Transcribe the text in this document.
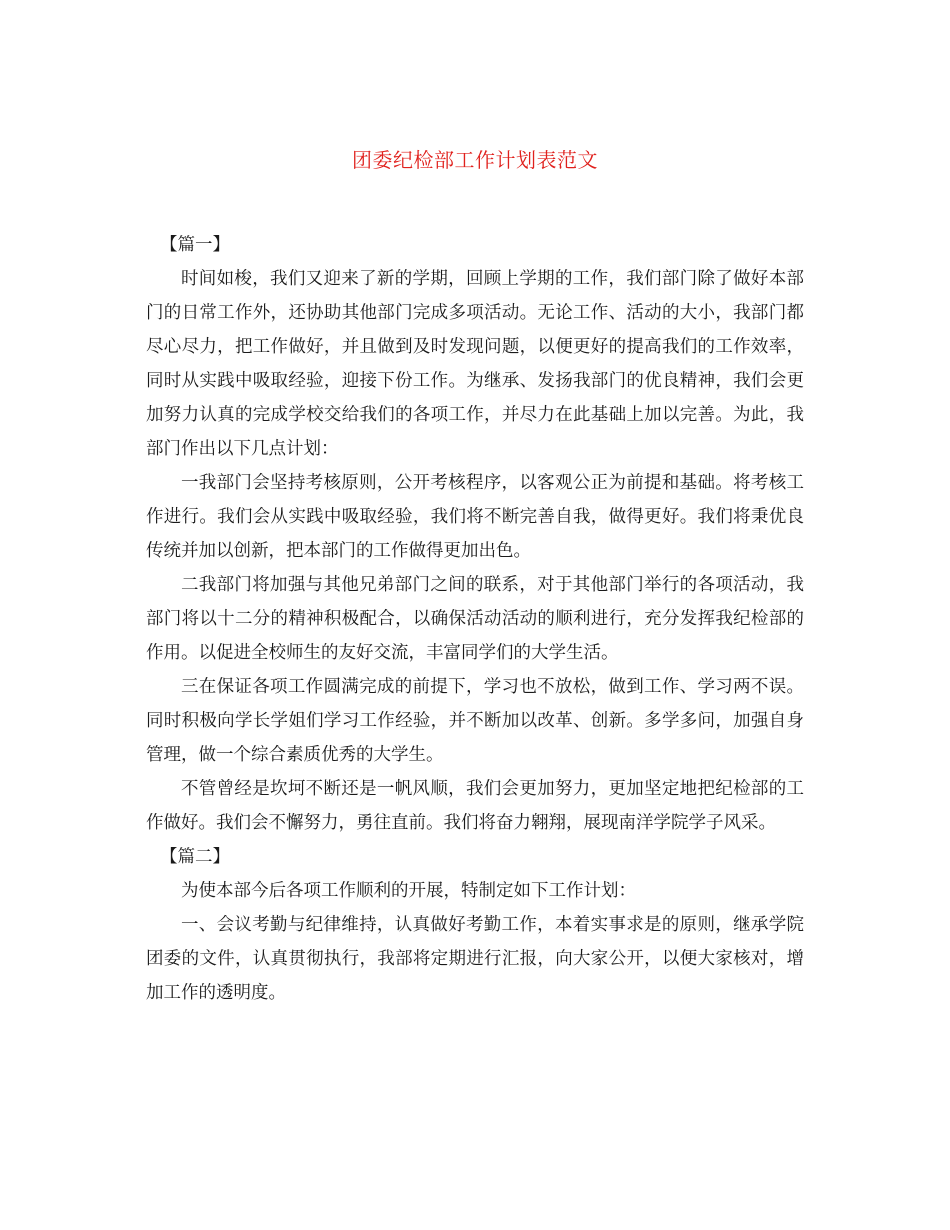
团委纪检部工作计划表范文

【篇一】

时间如梭，我们又迎来了新的学期，回顾上学期的工作，我们部门除了做好本部门的日常工作外，还协助其他部门完成多项活动。无论工作、活动的大小，我部门都尽心尽力，把工作做好，并且做到及时发现问题，以便更好的提高我们的工作效率，同时从实践中吸取经验，迎接下份工作。为继承、发扬我部门的优良精神，我们会更加努力认真的完成学校交给我们的各项工作，并尽力在此基础上加以完善。为此，我部门作出以下几点计划：

一我部门会坚持考核原则，公开考核程序，以客观公正为前提和基础。将考核工作进行。我们会从实践中吸取经验，我们将不断完善自我，做得更好。我们将秉优良传统并加以创新，把本部门的工作做得更加出色。

二我部门将加强与其他兄弟部门之间的联系，对于其他部门举行的各项活动，我部门将以十二分的精神积极配合，以确保活动活动的顺利进行，充分发挥我纪检部的作用。以促进全校师生的友好交流，丰富同学们的大学生活。

三在保证各项工作圆满完成的前提下，学习也不放松，做到工作、学习两不误。同时积极向学长学姐们学习工作经验，并不断加以改革、创新。多学多问，加强自身管理，做一个综合素质优秀的大学生。

不管曾经是坎坷不断还是一帆风顺，我们会更加努力，更加坚定地把纪检部的工作做好。我们会不懈努力，勇往直前。我们将奋力翱翔，展现南洋学院学子风采。

【篇二】

为使本部今后各项工作顺利的开展，特制定如下工作计划：

一、会议考勤与纪律维持，认真做好考勤工作，本着实事求是的原则，继承学院团委的文件，认真贯彻执行，我部将定期进行汇报，向大家公开，以便大家核对，增加工作的透明度。
